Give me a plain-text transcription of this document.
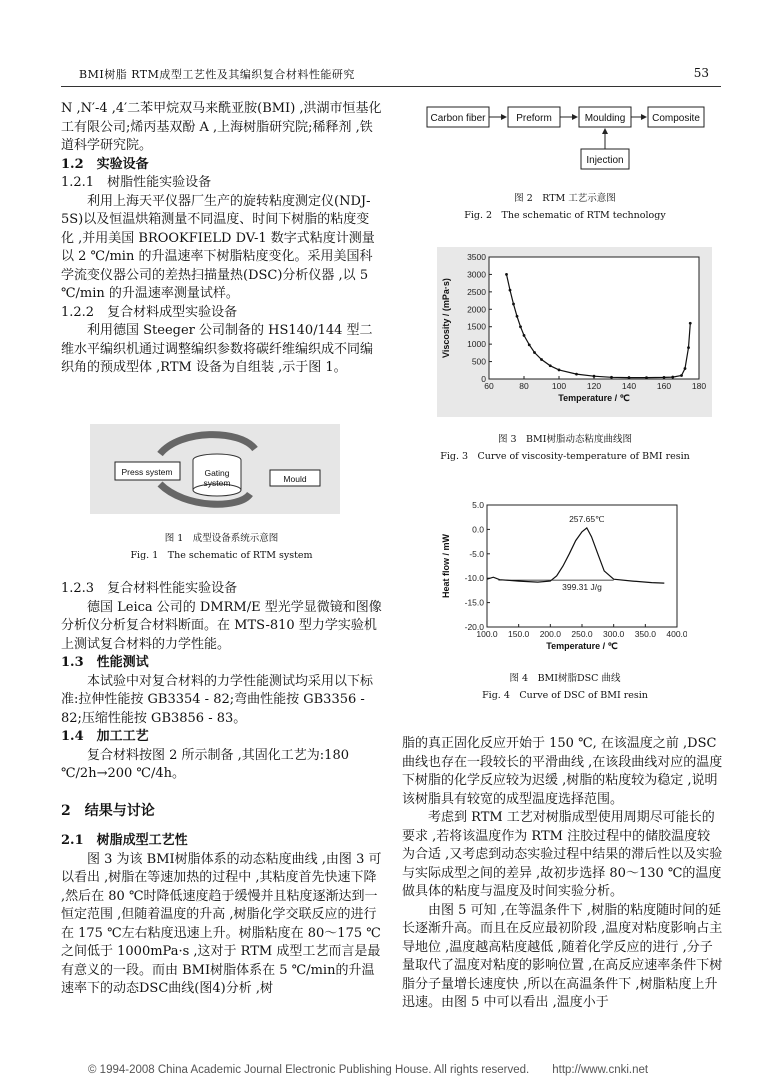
BMI树脂 RTM成型工艺性及其编织复合材料性能研究	53

N ,N′-4 ,4′二苯甲烷双马来酰亚胺(BMI) ,洪湖市恒基化工有限公司;烯丙基双酚 A ,上海树脂研究院;稀释剂 ,铁道科学研究院。

1.2　实验设备

1.2.1　树脂性能实验设备

利用上海天平仪器厂生产的旋转粘度测定仪(NDJ-5S)以及恒温烘箱测量不同温度、时间下树脂的粘度变化 ,并用美国 BROOKFIELD DV-1 数字式粘度计测量以 2 ℃/min 的升温速率下树脂粘度变化。采用美国科学流变仪器公司的差热扫描量热(DSC)分析仪器 ,以 5 ℃/min 的升温速率测量试样。

1.2.2　复合材料成型实验设备

利用德国 Steeger 公司制备的 HS140/144 型二维水平编织机通过调整编织参数将碳纤维编织成不同编织角的预成型体 ,RTM 设备为自组装 ,示于图 1。

Press system	Gating
system	Mould
图 1　成型设备系统示意图
Fig. 1　The schematic of RTM system

1.2.3　复合材料性能实验设备

德国 Leica 公司的 DMRM/E 型光学显微镜和图像分析仪分析复合材料断面。在 MTS-810 型力学实验机上测试复合材料的力学性能。

1.3　性能测试

本试验中对复合材料的力学性能测试均采用以下标准:拉伸性能按 GB3354 - 82;弯曲性能按 GB3356 - 82;压缩性能按 GB3856 - 83。

1.4　加工工艺

复合材料按图 2 所示制备 ,其固化工艺为:180 ℃/2h→200 ℃/4h。

2　结果与讨论

2.1　树脂成型工艺性

图 3 为该 BMI树脂体系的动态粘度曲线 ,由图 3 可以看出 ,树脂在等速加热的过程中 ,其粘度首先快速下降 ,然后在 80 ℃时降低速度趋于缓慢并且粘度逐渐达到一恒定范围 ,但随着温度的升高 ,树脂化学交联反应的进行在 175 ℃左右粘度迅速上升。树脂粘度在 80～175 ℃之间低于 1000mPa·s ,这对于 RTM 成型工艺而言是最有意义的一段。而由 BMI树脂体系在 5 ℃/min的升温速率下的动态DSC曲线(图4)分析 ,树

Carbon fiber	Preform	Moulding	Composite
Injection
图 2　RTM 工艺示意图
Fig. 2　The schematic of RTM technology
60	80	100 120 140 160 180
0
500
1000
1500
2000
2500
3000
3500
Temperature / ℃
Viscosity / (mPa·s)
图 3　BMI树脂动态粘度曲线图
Fig. 3　Curve of viscosity-temperature of BMI resin
100.0 150.0 200.0 250.0 300.0 350.0 400.0
5.0
0.0
-5.0
-10.0
-15.0
-20.0
Temperature / ℃
Heat flow / mW
257.65℃
399.31 J/g
图 4　BMI树脂DSC 曲线
Fig. 4　Curve of DSC of BMI resin

脂的真正固化反应开始于 150 ℃, 在该温度之前 ,DSC 曲线也存在一段较长的平滑曲线 ,在该段曲线对应的温度下树脂的化学反应较为迟缓 ,树脂的粘度较为稳定 ,说明该树脂具有较宽的成型温度选择范围。

考虑到 RTM 工艺对树脂成型使用周期尽可能长的要求 ,若将该温度作为 RTM 注胶过程中的储胶温度较为合适 ,又考虑到动态实验过程中结果的滞后性以及实验与实际成型之间的差异 ,故初步选择 80～130 ℃的温度做具体的粘度与温度及时间实验分析。

由图 5 可知 ,在等温条件下 ,树脂的粘度随时间的延长逐渐升高。而且在反应最初阶段 ,温度对粘度影响占主导地位 ,温度越高粘度越低 ,随着化学反应的进行 ,分子量取代了温度对粘度的影响位置 ,在高反应速率条件下树脂分子量增长速度快 ,所以在高温条件下 ,树脂粘度上升迅速。由图 5 中可以看出 ,温度小于

© 1994-2008 China Academic Journal Electronic Publishing House. All rights reserved.　　http://www.cnki.net
